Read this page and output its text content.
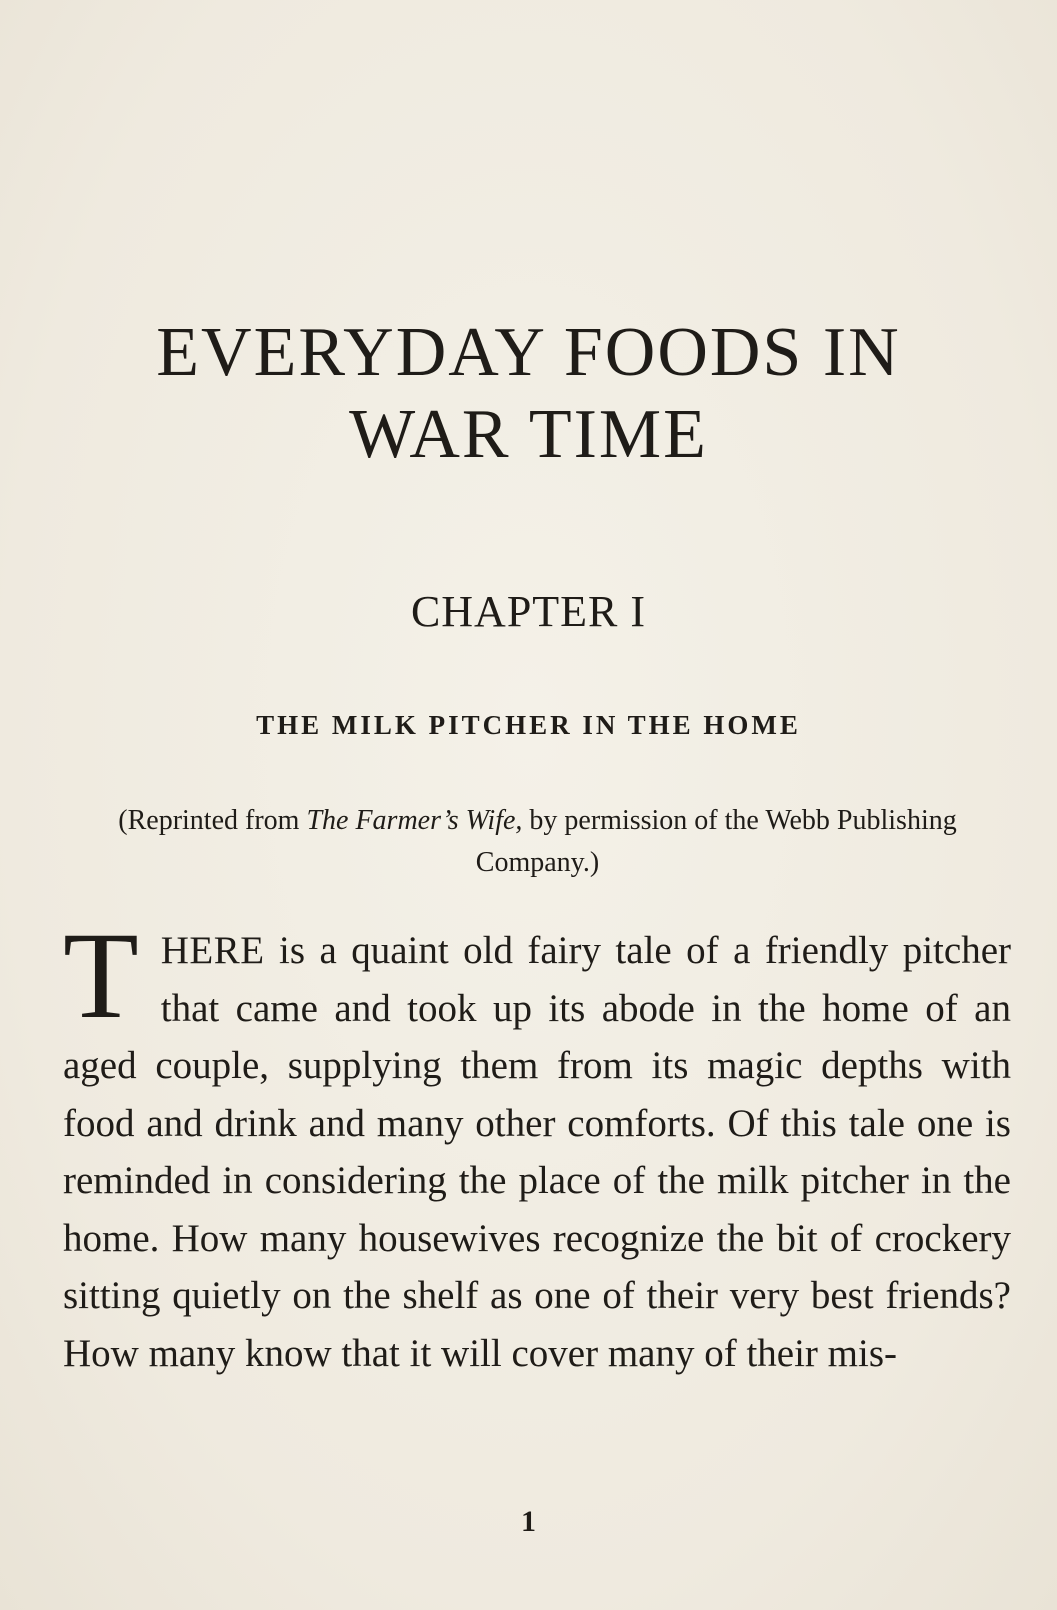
EVERYDAY FOODS IN
WAR TIME
CHAPTER I
THE MILK PITCHER IN THE HOME

(Reprinted from The Farmer’s Wife, by permission of the Webb Publishing Company.)

THERE is a quaint old fairy tale of a friendly pitcher that came and took up its abode in the home of an aged couple, supplying them from its magic depths with food and drink and many other comforts. Of this tale one is reminded in considering the place of the milk pitcher in the home. How many housewives recognize the bit of crockery sitting quietly on the shelf as one of their very best friends? How many know that it will cover many of their mis-

1
